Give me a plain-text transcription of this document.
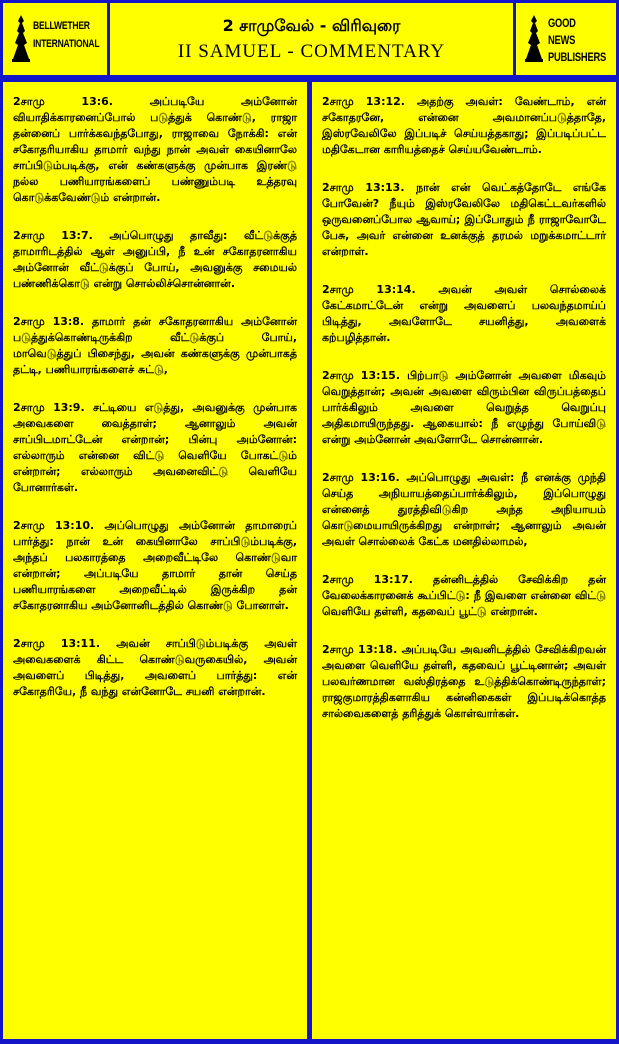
BELLWETHER
INTERNATIONAL
2 சாமுவேல் - விரிவுரை
II SAMUEL - COMMENTARY
GOOD NEWS
PUBLISHERS

2சாமு 13:6. அப்படியே அம்னோன் வியாதிக்காரனைப்போல் படுத்துக் கொண்டு, ராஜா தன்னைப் பார்க்கவந்தபோது, ராஜாவை நோக்கி: என் சகோதரியாகிய தாமார் வந்து நான் அவள் கையினாலே சாப்பிடும்படிக்கு, என் கண்களுக்கு முன்பாக இரண்டு நல்ல பணியாரங்களைப் பண்ணும்படி உத்தரவு கொடுக்கவேண்டும் என்றான்.

2சாமு 13:7. அப்பொழுது தாவீது: வீட்டுக்குத் தாமாரிடத்தில் ஆள் அனுப்பி, நீ உன் சகோதரனாகிய அம்னோன் வீட்டுக்குப் போய், அவனுக்கு சமையல் பண்ணிக்கொடு என்று சொல்லிச்சொன்னான்.

2சாமு 13:8. தாமார் தன் சகோதரனாகிய அம்னோன் படுத்துக்கொண்டிருக்கிற வீட்டுக்குப் போய், மாவெடுத்துப் பிசைந்து, அவன் கண்களுக்கு முன்பாகத் தட்டி, பணியாரங்களைச் சுட்டு,

2சாமு 13:9. சட்டியை எடுத்து, அவனுக்கு முன்பாக அவைகளை வைத்தாள்; ஆனாலும் அவன் சாப்பிடமாட்டேன் என்றான்; பின்பு அம்னோன்: எல்லாரும் என்னை விட்டு வெளியே போகட்டும் என்றான்; எல்லாரும் அவனைவிட்டு வெளியே போனார்கள்.

2சாமு 13:10. அப்பொழுது அம்னோன் தாமாரைப் பார்த்து: நான் உன் கையினாலே சாப்பிடும்படிக்கு, அந்தப் பலகாரத்தை அறைவீட்டிலே கொண்டுவா என்றான்; அப்படியே தாமார் தான் செய்த பணியாரங்களை அறைவீட்டில் இருக்கிற தன் சகோதரனாகிய அம்னோனிடத்தில் கொண்டு போனாள்.

2சாமு 13:11. அவன் சாப்பிடும்படிக்கு அவள் அவைகளைக் கிட்ட கொண்டுவருகையில், அவன் அவளைப் பிடித்து, அவளைப் பார்த்து: என் சகோதரியே, நீ வந்து என்னோடே சயனி என்றான்.

2சாமு 13:12. அதற்கு அவள்: வேண்டாம், என் சகோதரனே, என்னை அவமானப்படுத்தாதே, இஸ்ரவேலிலே இப்படிச் செய்யத்தகாது; இப்படிப்பட்ட மதிகேடான காரியத்தைச் செய்யவேண்டாம்.

2சாமு 13:13. நான் என் வெட்கத்தோடே எங்கே போவேன்? நீயும் இஸ்ரவேலிலே மதிகெட்டவர்களில் ஒருவனைப்போல ஆவாய்; இப்போதும் நீ ராஜாவோடே பேசு, அவர் என்னை உனக்குத் தரமல் மறுக்கமாட்டார் என்றாள்.

2சாமு 13:14. அவன் அவள் சொல்லைக் கேட்கமாட்டேன் என்று அவளைப் பலவந்தமாய்ப் பிடித்து, அவளோடே சயனித்து, அவளைக் கற்பழித்தான்.

2சாமு 13:15. பிற்பாடு அம்னோன் அவளை மிகவும் வெறுத்தான்; அவன் அவளை விரும்பின விருப்பத்தைப் பார்க்கிலும் அவளை வெறுத்த வெறுப்பு அதிகமாயிருந்தது. ஆகையால்: நீ எழுந்து போய்விடு என்று அம்னோன் அவளோடே சொன்னான்.

2சாமு 13:16. அப்பொழுது அவள்: நீ எனக்கு முந்தி செய்த அநியாயத்தைப்பார்க்கிலும், இப்பொழுது என்னைத் துரத்திவிடுகிற அந்த அநியாயம் கொடுமையாயிருக்கிறது என்றாள்; ஆனாலும் அவன் அவள் சொல்லைக் கேட்க மனதில்லாமல்,

2சாமு 13:17. தன்னிடத்தில் சேவிக்கிற தன் வேலைக்காரனைக் கூப்பிட்டு: நீ இவளை என்னை விட்டு வெளியே தள்ளி, கதவைப் பூட்டு என்றான்.

2சாமு 13:18. அப்படியே அவனிடத்தில் சேவிக்கிறவன் அவளை வெளியே தள்ளி, கதவைப் பூட்டினான்; அவள் பலவர்ணமான வஸ்திரத்தை உடுத்திக்கொண்டிருந்தாள்; ராஜகுமாரத்திகளாகிய கன்னிகைகள் இப்படிக்கொத்த சால்வைகளைத் தரித்துக் கொள்வார்கள்.
